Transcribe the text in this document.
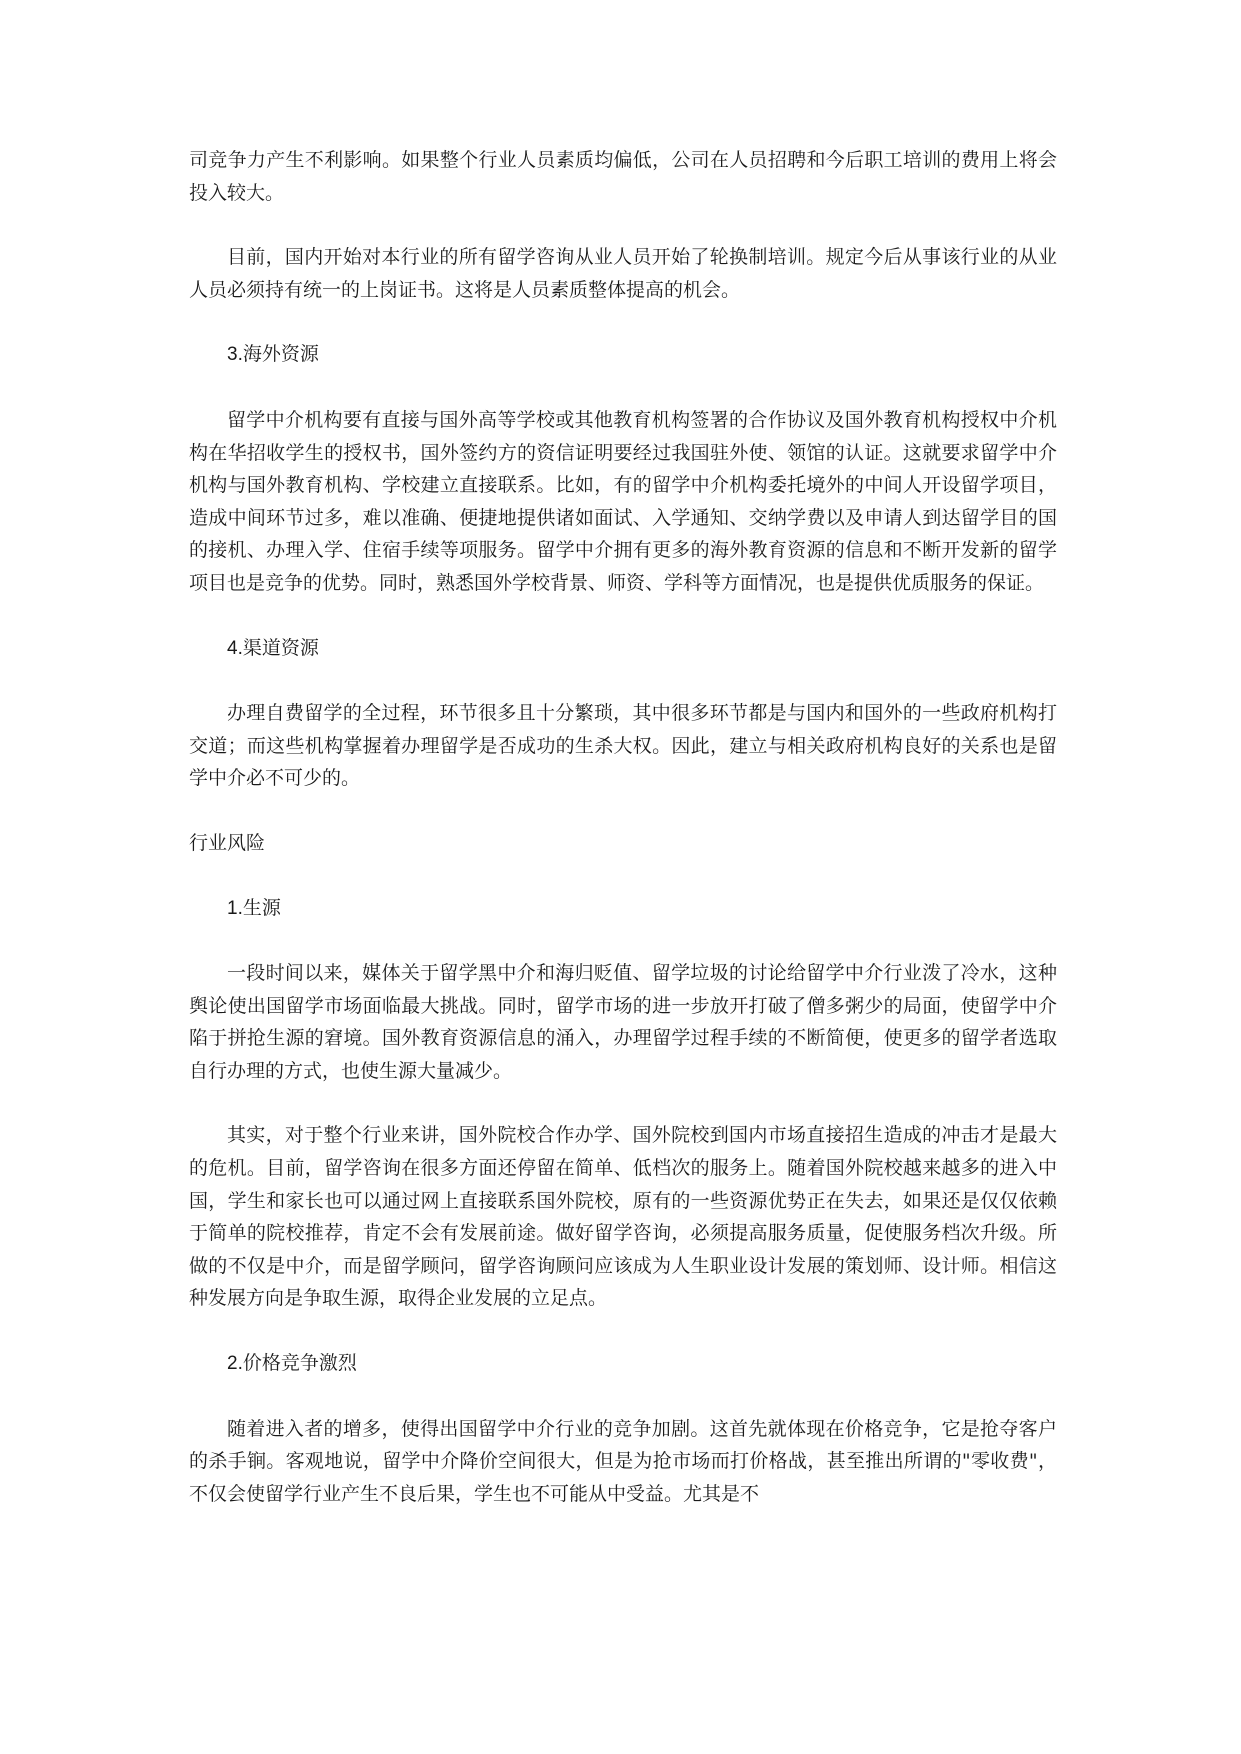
司竞争力产生不利影响。如果整个行业人员素质均偏低，公司在人员招聘和今后职工培训的费用上将会投入较大。

目前，国内开始对本行业的所有留学咨询从业人员开始了轮换制培训。规定今后从事该行业的从业人员必须持有统一的上岗证书。这将是人员素质整体提高的机会。

3.海外资源

留学中介机构要有直接与国外高等学校或其他教育机构签署的合作协议及国外教育机构授权中介机构在华招收学生的授权书，国外签约方的资信证明要经过我国驻外使、领馆的认证。这就要求留学中介机构与国外教育机构、学校建立直接联系。比如，有的留学中介机构委托境外的中间人开设留学项目，造成中间环节过多，难以准确、便捷地提供诸如面试、入学通知、交纳学费以及申请人到达留学目的国的接机、办理入学、住宿手续等项服务。留学中介拥有更多的海外教育资源的信息和不断开发新的留学项目也是竞争的优势。同时，熟悉国外学校背景、师资、学科等方面情况，也是提供优质服务的保证。

4.渠道资源

办理自费留学的全过程，环节很多且十分繁琐，其中很多环节都是与国内和国外的一些政府机构打交道；而这些机构掌握着办理留学是否成功的生杀大权。因此，建立与相关政府机构良好的关系也是留学中介必不可少的。

行业风险

1.生源

一段时间以来，媒体关于留学黑中介和海归贬值、留学垃圾的讨论给留学中介行业泼了冷水，这种舆论使出国留学市场面临最大挑战。同时，留学市场的进一步放开打破了僧多粥少的局面，使留学中介陷于拼抢生源的窘境。国外教育资源信息的涌入，办理留学过程手续的不断简便，使更多的留学者选取自行办理的方式，也使生源大量减少。

其实，对于整个行业来讲，国外院校合作办学、国外院校到国内市场直接招生造成的冲击才是最大的危机。目前，留学咨询在很多方面还停留在简单、低档次的服务上。随着国外院校越来越多的进入中国，学生和家长也可以通过网上直接联系国外院校，原有的一些资源优势正在失去，如果还是仅仅依赖于简单的院校推荐，肯定不会有发展前途。做好留学咨询，必须提高服务质量，促使服务档次升级。所做的不仅是中介，而是留学顾问，留学咨询顾问应该成为人生职业设计发展的策划师、设计师。相信这种发展方向是争取生源，取得企业发展的立足点。

2.价格竞争激烈

随着进入者的增多，使得出国留学中介行业的竞争加剧。这首先就体现在价格竞争，它是抢夺客户的杀手锏。客观地说，留学中介降价空间很大，但是为抢市场而打价格战，甚至推出所谓的"零收费"，不仅会使留学行业产生不良后果，学生也不可能从中受益。尤其是不
